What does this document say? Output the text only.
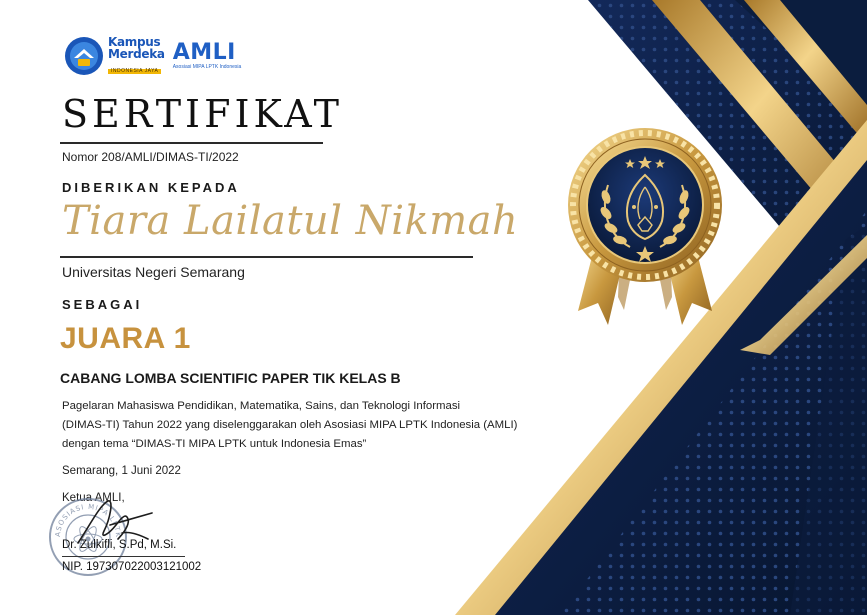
Kampus
Merdeka
INDONESIA JAYA
AMLI
Asosiasi MIPA LPTK Indonesia
SERTIFIKAT
Nomor 208/AMLI/DIMAS-TI/2022
DIBERIKAN KEPADA
Tiara Lailatul Nikmah
Universitas Negeri Semarang
SEBAGAI
JUARA 1
CABANG LOMBA SCIENTIFIC PAPER TIK KELAS B

Pagelaran Mahasiswa Pendidikan, Matematika, Sains, dan Teknologi Informasi
(DIMAS-TI) Tahun 2022 yang diselenggarakan oleh Asosiasi MIPA LPTK Indonesia (AMLI)
dengan tema “DIMAS-TI MIPA LPTK untuk Indonesia Emas”

Semarang, 1 Juni 2022
Ketua AMLI,
ASOSIASI MIPA LPTK
Dr. Zulkifli, S.Pd, M.Si.
NIP. 197307022003121002
